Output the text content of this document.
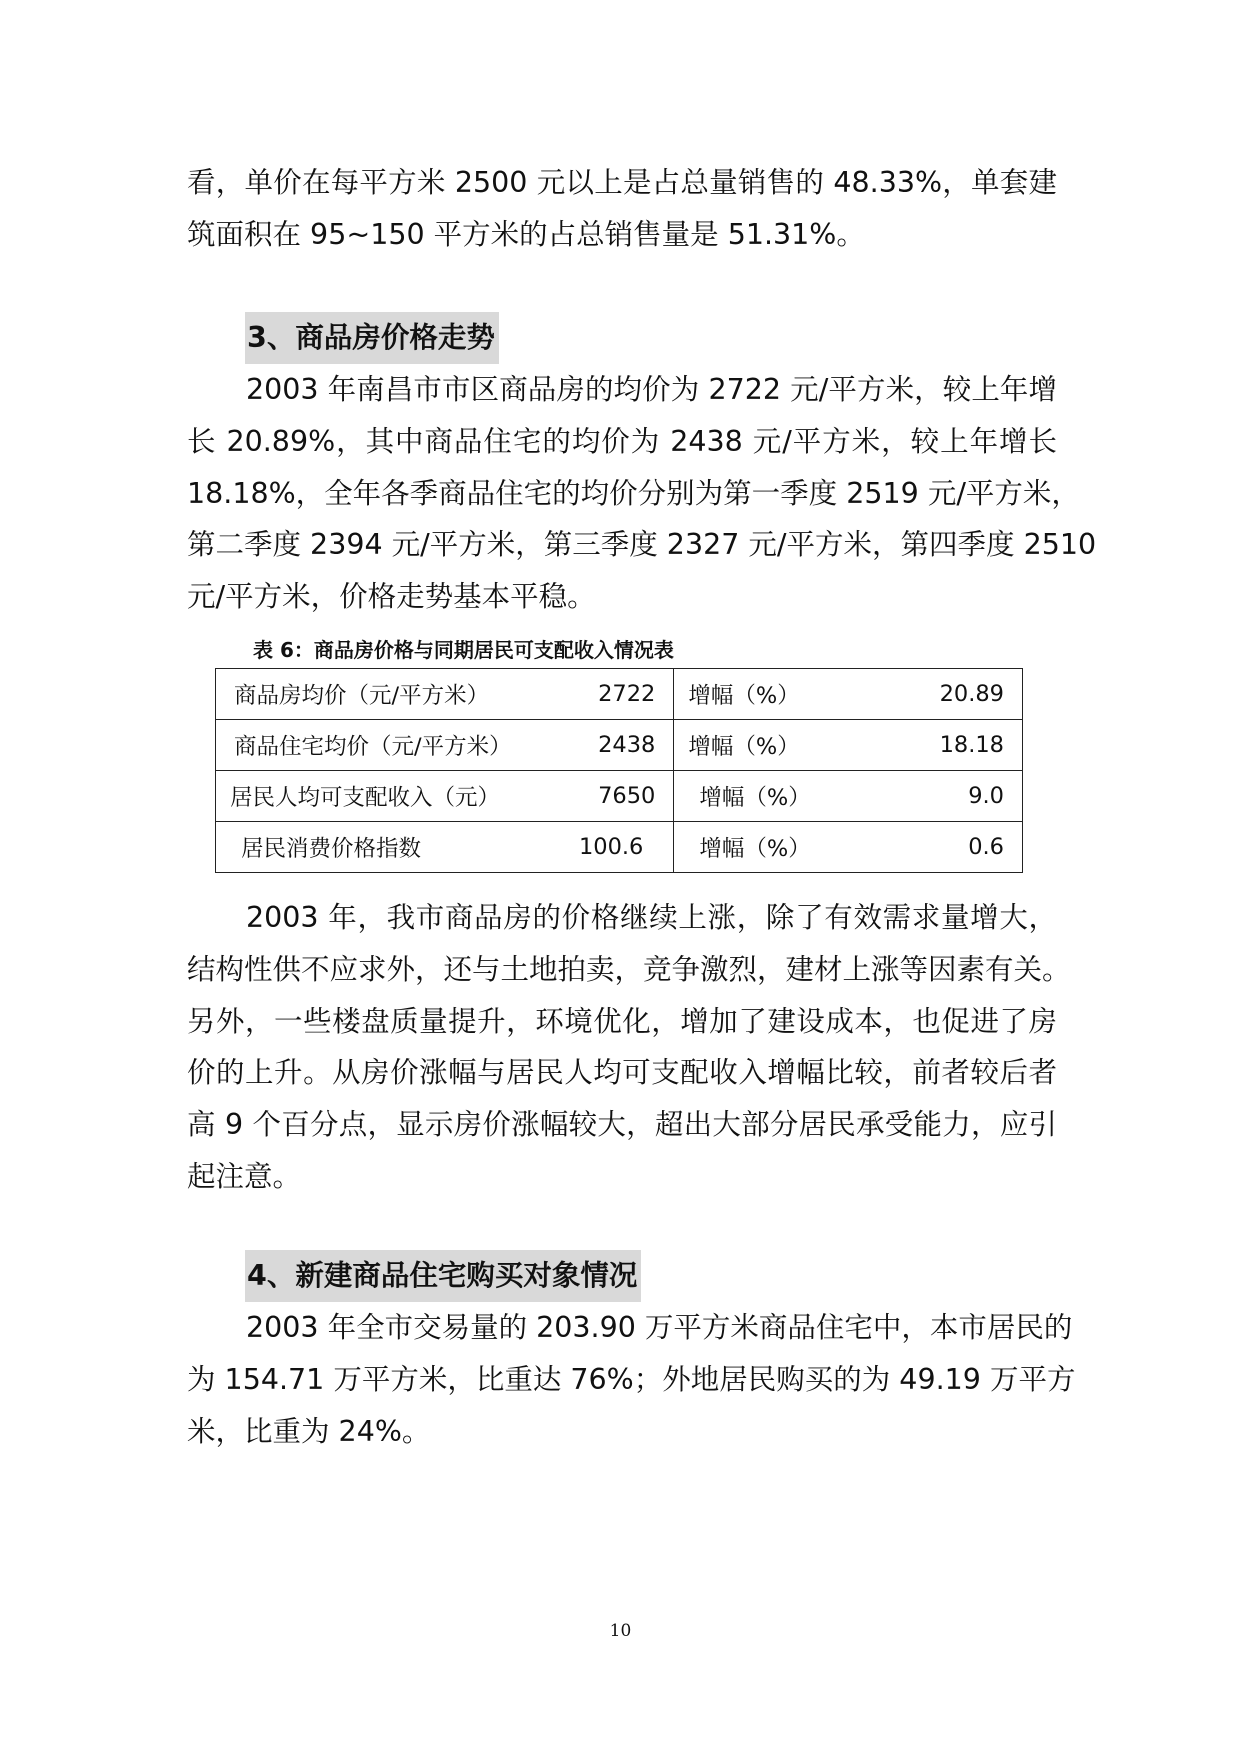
看，单价在每平方米 2500 元以上是占总量销售的 48.33%，单套建
筑面积在 95~150 平方米的占总销售量是 51.31%。
3、商品房价格走势
2003 年南昌市市区商品房的均价为 2722 元/平方米，较上年增
长 20.89%，其中商品住宅的均价为 2438 元/平方米，较上年增长
18.18%，全年各季商品住宅的均价分别为第一季度 2519 元/平方米，
第二季度 2394 元/平方米，第三季度 2327 元/平方米，第四季度 2510
元/平方米，价格走势基本平稳。
表 6：商品房价格与同期居民可支配收入情况表
商品房均价（元/平方米） 2722	增幅（%） 20.89

商品住宅均价（元/平方米） 2438	增幅（%） 18.18

居民人均可支配收入（元） 7650	增幅（%） 9.0

居民消费价格指数 100.6	增幅（%） 0.6
2003 年，我市商品房的价格继续上涨，除了有效需求量增大，
结构性供不应求外，还与土地拍卖，竞争激烈，建材上涨等因素有关。
另外，一些楼盘质量提升，环境优化，增加了建设成本，也促进了房
价的上升。从房价涨幅与居民人均可支配收入增幅比较，前者较后者
高 9 个百分点，显示房价涨幅较大，超出大部分居民承受能力，应引
起注意。
4、新建商品住宅购买对象情况
2003 年全市交易量的 203.90 万平方米商品住宅中，本市居民的
为 154.71 万平方米，比重达 76%；外地居民购买的为 49.19 万平方
米，比重为 24%。
10
